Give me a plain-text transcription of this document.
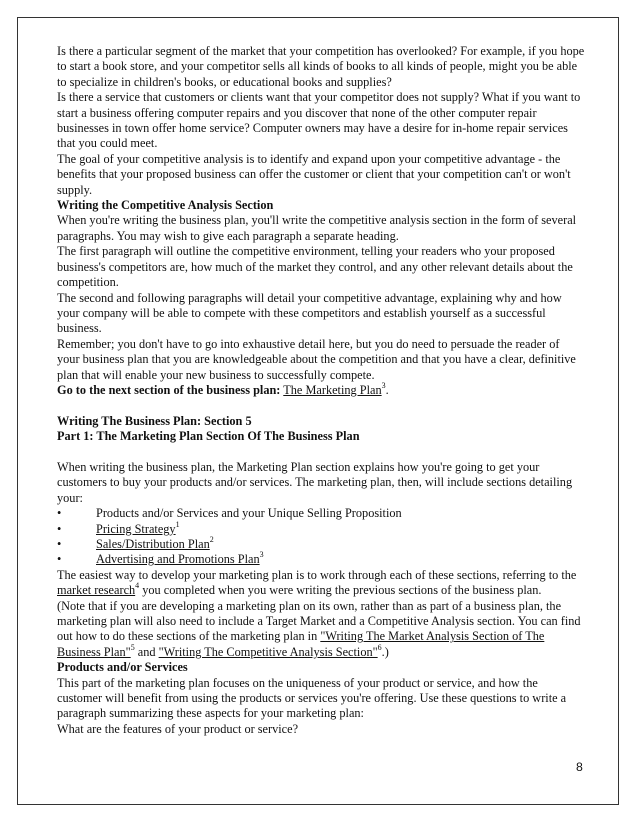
Is there a particular segment of the market that your competition has overlooked? For example, if you hope to start a book store, and your competitor sells all kinds of books to all kinds of people, might you be able to specialize in children's books, or educational books and supplies?

Is there a service that customers or clients want that your competitor does not supply? What if you want to start a business offering computer repairs and you discover that none of the other computer repair businesses in town offer home service? Computer owners may have a desire for in-home repair services that you could meet.

The goal of your competitive analysis is to identify and expand upon your competitive advantage - the benefits that your proposed business can offer the customer or client that your competition can't or won't supply.

Writing the Competitive Analysis Section

When you're writing the business plan, you'll write the competitive analysis section in the form of several paragraphs. You may wish to give each paragraph a separate heading.

The first paragraph will outline the competitive environment, telling your readers who your proposed business's competitors are, how much of the market they control, and any other relevant details about the competition.

The second and following paragraphs will detail your competitive advantage, explaining why and how your company will be able to compete with these competitors and establish yourself as a successful business.

Remember; you don't have to go into exhaustive detail here, but you do need to persuade the reader of your business plan that you are knowledgeable about the competition and that you have a clear, definitive plan that will enable your new business to successfully compete.

Go to the next section of the business plan: The Marketing Plan$^3$.

Writing The Business Plan: Section 5

Part 1: The Marketing Plan Section Of The Business Plan

When writing the business plan, the Marketing Plan section explains how you're going to get your customers to buy your products and/or services. The marketing plan, then, will include sections detailing your:

•	Products and/or Services and your Unique Selling Proposition
•	Pricing Strategy$^1$
•	Sales/Distribution Plan$^2$
•	Advertising and Promotions Plan$^3$

The easiest way to develop your marketing plan is to work through each of these sections, referring to the market research$^4$ you completed when you were writing the previous sections of the business plan.

(Note that if you are developing a marketing plan on its own, rather than as part of a business plan, the marketing plan will also need to include a Target Market and a Competitive Analysis section. You can find out how to do these sections of the marketing plan in "Writing The Market Analysis Section of The Business Plan"$^5$ and "Writing The Competitive Analysis Section"$^6$.)

Products and/or Services

This part of the marketing plan focuses on the uniqueness of your product or service, and how the customer will benefit from using the products or services you're offering. Use these questions to write a paragraph summarizing these aspects for your marketing plan:

What are the features of your product or service?

8
